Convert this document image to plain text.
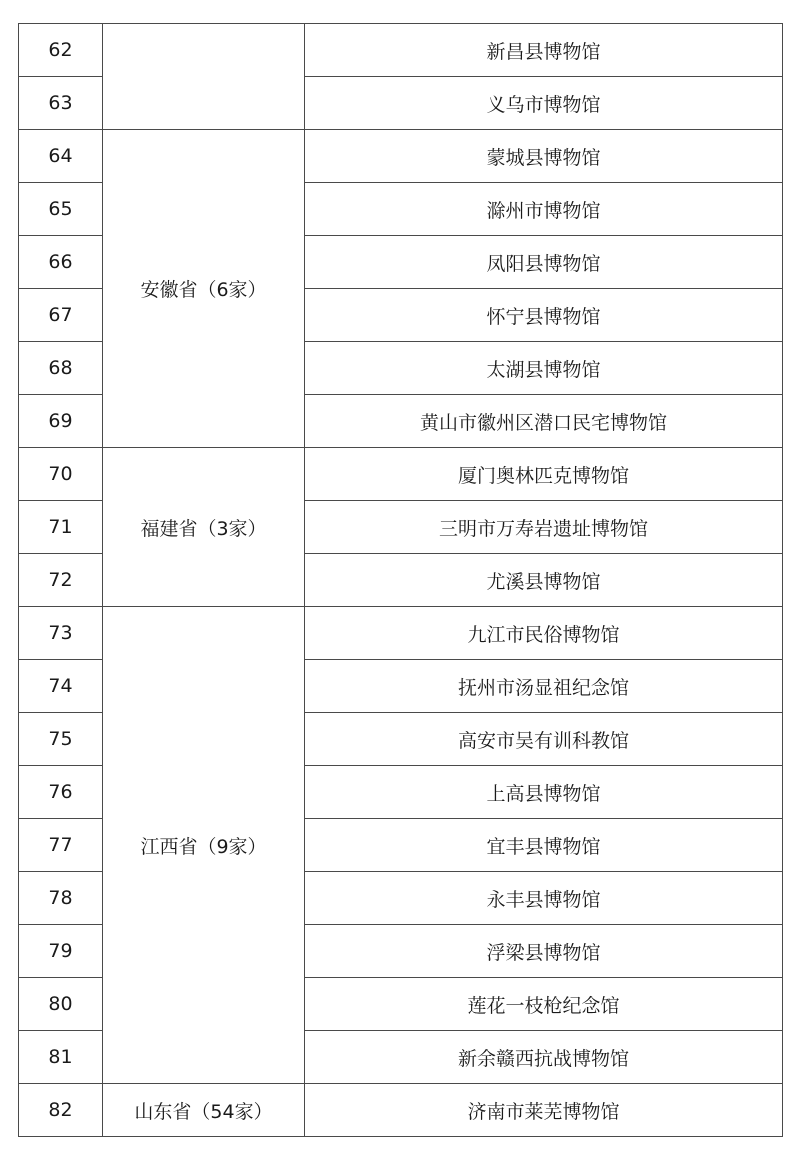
62		新昌县博物馆
63		义乌市博物馆
64	安徽省（6家）	蒙城县博物馆
65		滁州市博物馆
66		凤阳县博物馆
67		怀宁县博物馆
68		太湖县博物馆
69		黄山市徽州区潜口民宅博物馆
70	福建省（3家）	厦门奥林匹克博物馆
71		三明市万寿岩遗址博物馆
72		尤溪县博物馆
73	江西省（9家）	九江市民俗博物馆
74		抚州市汤显祖纪念馆
75		高安市吴有训科教馆
76		上高县博物馆
77		宜丰县博物馆
78		永丰县博物馆
79		浮梁县博物馆
80		莲花一枝枪纪念馆
81		新余赣西抗战博物馆
82	山东省（54家）	济南市莱芜博物馆
